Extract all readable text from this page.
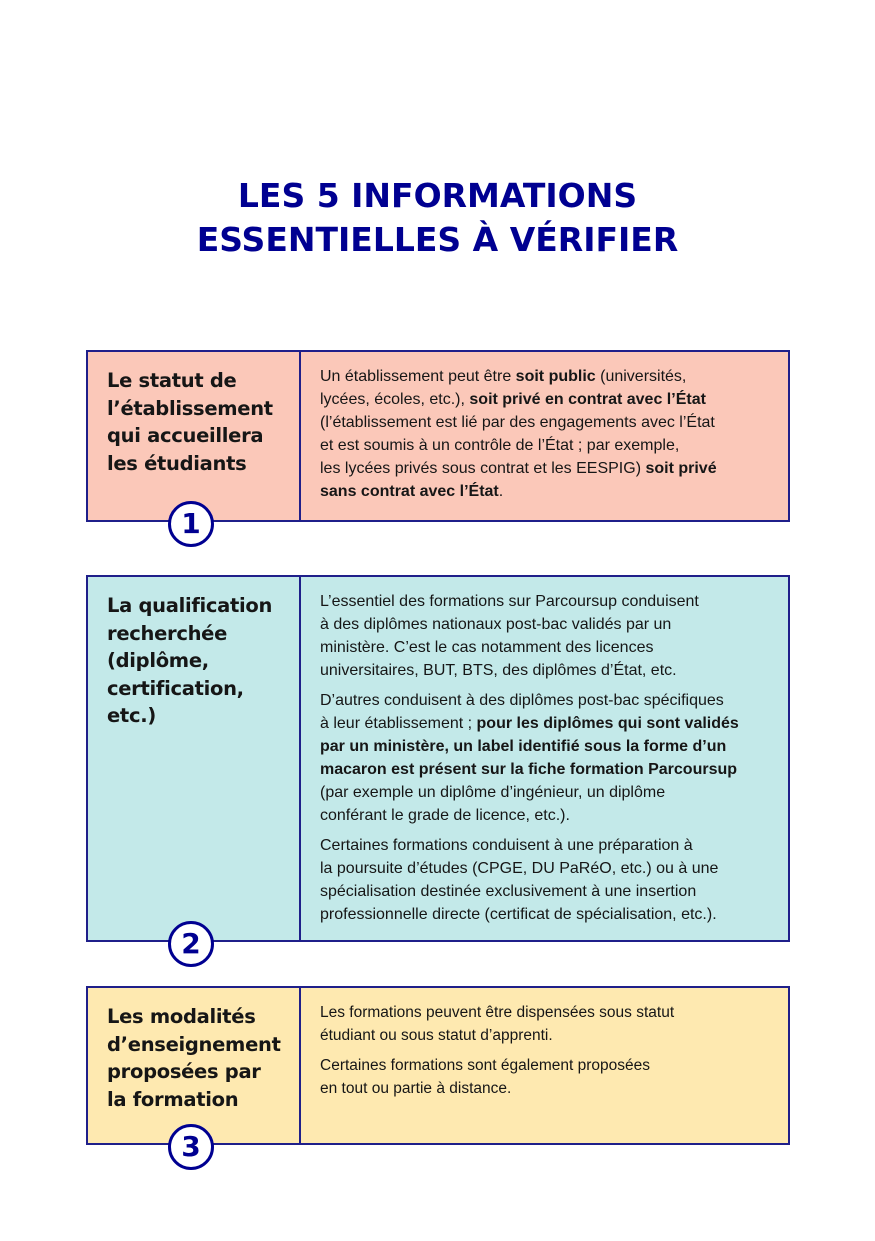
LES 5 INFORMATIONS
ESSENTIELLES À VÉRIFIER
Le statut de
l’établissement
qui accueillera
les étudiants
1

Un établissement peut être soit public (universités,
lycées, écoles, etc.), soit privé en contrat avec l’État
(l’établissement est lié par des engagements avec l’État
et est soumis à un contrôle de l’État ; par exemple,
les lycées privés sous contrat et les EESPIG) soit privé
sans contrat avec l’État.

La qualification
recherchée
(diplôme,
certification,
etc.)
2

L’essentiel des formations sur Parcoursup conduisent
à des diplômes nationaux post-bac validés par un
ministère. C’est le cas notamment des licences
universitaires, BUT, BTS, des diplômes d’État, etc.

D’autres conduisent à des diplômes post-bac spécifiques
à leur établissement ; pour les diplômes qui sont validés
par un ministère, un label identifié sous la forme d’un
macaron est présent sur la fiche formation Parcoursup
(par exemple un diplôme d’ingénieur, un diplôme
conférant le grade de licence, etc.).

Certaines formations conduisent à une préparation à
la poursuite d’études (CPGE, DU PaRéO, etc.) ou à une
spécialisation destinée exclusivement à une insertion
professionnelle directe (certificat de spécialisation, etc.).

Les modalités
d’enseignement
proposées par
la formation
3

Les formations peuvent être dispensées sous statut
étudiant ou sous statut d’apprenti.

Certaines formations sont également proposées
en tout ou partie à distance.
